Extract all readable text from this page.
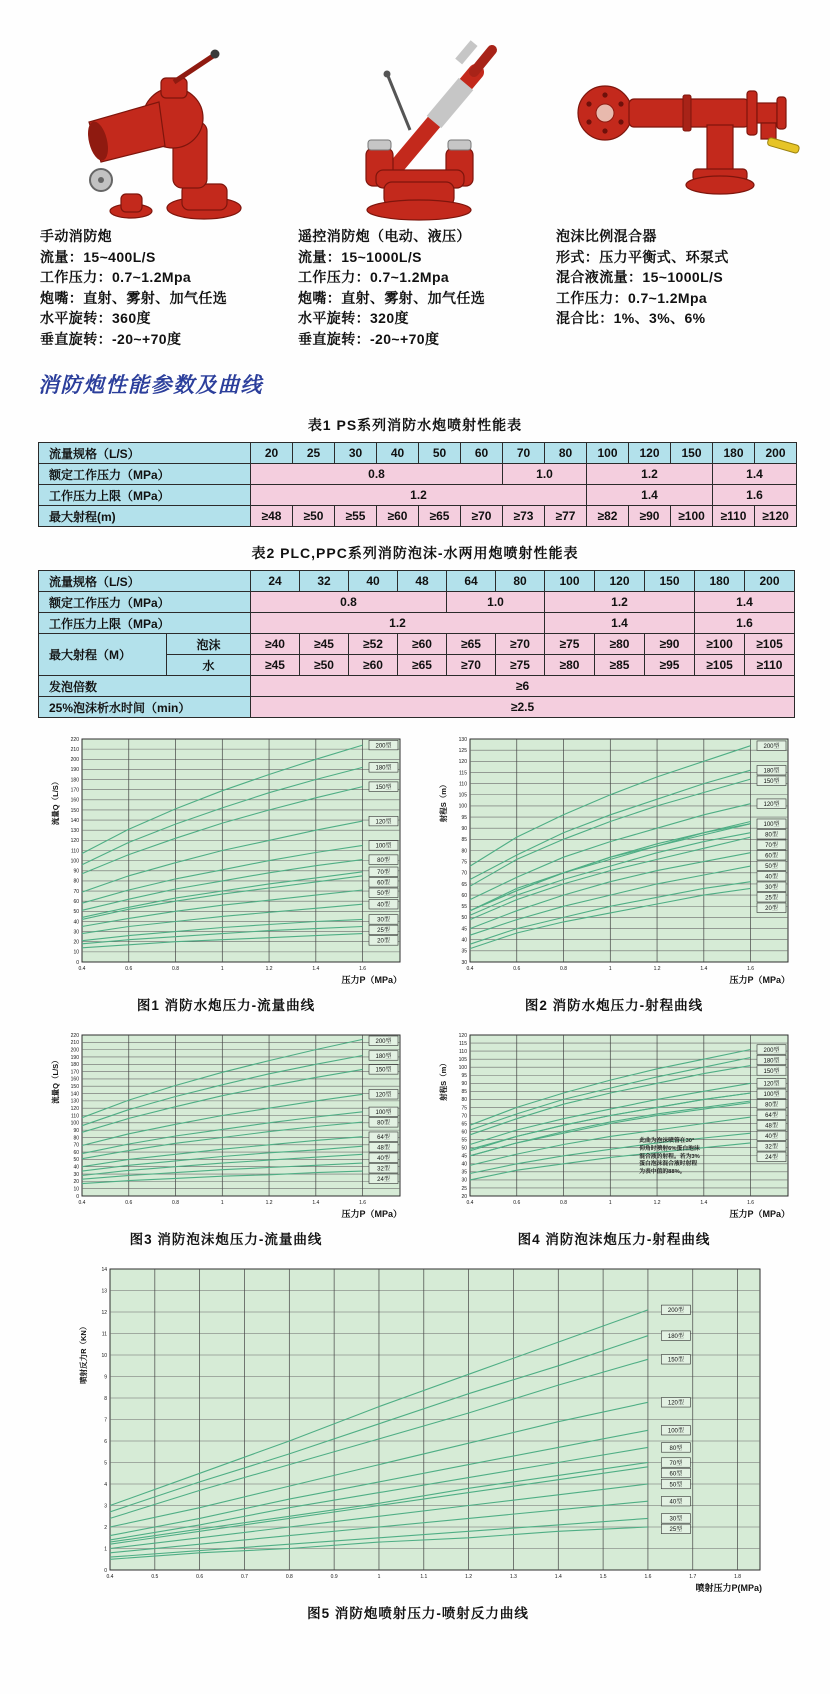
手动消防炮
流量：15~400L/S
工作压力：0.7~1.2Mpa
炮嘴：直射、雾射、加气任选
水平旋转：360度
垂直旋转：-20~+70度
遥控消防炮（电动、液压）
流量：15~1000L/S
工作压力：0.7~1.2Mpa
炮嘴：直射、雾射、加气任选
水平旋转：320度
垂直旋转：-20~+70度
泡沫比例混合器
形式：压力平衡式、环泵式
混合液流量：15~1000L/S
工作压力：0.7~1.2Mpa
混合比：1%、3%、6%
消防炮性能参数及曲线
表1 PS系列消防水炮喷射性能表
流量规格（L/S）	20	25	30	40	50	60	70	80	100	120	150	180	200
额定工作压力（MPa）	0.8						1.0		1.2			1.4	
工作压力上限（MPa）	1.2								1.4			1.6	
最大射程(m)	≥48	≥50	≥55	≥60	≥65	≥70	≥73	≥77	≥82	≥90	≥100	≥110	≥120
表2 PLC,PPC系列消防泡沫-水两用炮喷射性能表
流量规格（L/S）		24	32	40	48	64	80	100	120	150	180	200
额定工作压力（MPa）		0.8				1.0		1.2			1.4	
工作压力上限（MPa）		1.2						1.4			1.6	
最大射程（M）	泡沫	≥40	≥45	≥52	≥60	≥65	≥70	≥75	≥80	≥90	≥100	≥105
	水	≥45	≥50	≥60	≥65	≥70	≥75	≥80	≥85	≥95	≥105	≥110
发泡倍数		≥6										
25%泡沫析水时间（min）		≥2.5										
0
10
20
30
40
50
60
70
80
90
100
110
120
130
140
150
160
170
180
190
200
210
220
0.4	0.6	0.8	1	1.2	1.4	1.6
200型
180型
150型
120型
100型
80型
70型
60型
50型
40型
30型
25型
20型
流量Q（L/S）
压力P（MPa）
图1 消防水炮压力-流量曲线
30
35
40
45
50
55
60
65
70
75
80
85
90
95
100
105
110
115
120
125
130
0.4	0.6	0.8	1	1.2	1.4	1.6
200型
180型
150型
120型
100型
80型
70型
60型
50型
40型
30型
25型
20型
射程S（m）
压力P（MPa）
图2 消防水炮压力-射程曲线
0
10
20
30
40
50
60
70
80
90
100
110
120
130
140
150
160
170
180
190
200
210
220
0.4	0.6	0.8	1	1.2	1.4	1.6
200型
180型
150型
120型
100型
80型
64型
48型
40型
32型
24型
流量Q（L/S）
压力P（MPa）
图3 消防泡沫炮压力-流量曲线
20
25
30
35
40
45
50
55
60
65
70
75
80
85
90
95
100
105
110
115
120
0.4	0.6	0.8	1	1.2	1.4	1.6
200型
180型
150型
120型
100型
80型
64型
48型
40型
32型
24型
射程S（m）
压力P（MPa）
此曲为泡沫喷管在30°
仰角时喷射6%蛋白泡沫
混合液的射程。若为3%
蛋白泡沫混合液时射程
为表中值的88%。
图4 消防泡沫炮压力-射程曲线
0
1
2
3
4
5
6
7
8
9
10
11
12
13
14
0.4	0.5	0.6	0.7	0.8	0.9	1	1.1	1.2	1.3	1.4	1.5	1.6	1.7	1.8
200型
180型
150型
120型
100型
80型
70型
60型
50型
40型
30型
25型
喷射反力R（KN）
喷射压力P(MPa)
图5 消防炮喷射压力-喷射反力曲线
